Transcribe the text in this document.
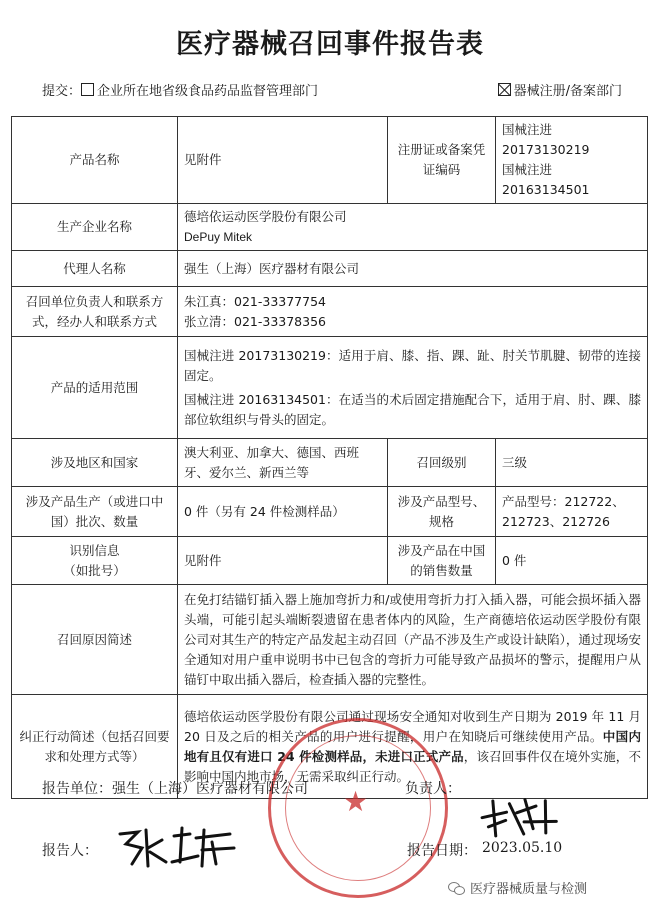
医疗器械召回事件报告表
提交： 企业所在地省级食品药品监督管理部门	器械注册/备案部门
产品名称	见附件	注册证或备案凭证编码	国械注进 20173130219
国械注进 20163134501

生产企业名称	德培依运动医学股份有限公司
DePuy Mitek		

代理人名称	强生（上海）医疗器材有限公司		
召回单位负责人和联系方式，经办人和联系方式	朱江真：021-33377754
张立清：021-33378356		

产品的适用范围	国械注进 20173130219：适用于肩、膝、指、踝、趾、肘关节肌腱、韧带的连接固定。
国械注进 20163134501：在适当的术后固定措施配合下，适用于肩、肘、踝、膝部位软组织与骨头的固定。		

涉及地区和国家	澳大利亚、加拿大、德国、西班牙、爱尔兰、新西兰等	召回级别	三级
涉及产品生产（或进口中国）批次、数量	0 件（另有 24 件检测样品）	涉及产品型号、规格	产品型号：212722、212723、212726

识别信息
（如批号）	见附件	涉及产品在中国的销售数量	0 件
召回原因简述	在免打结锚钉插入器上施加弯折力和/或使用弯折力打入插入器，可能会损坏插入器头端，可能引起头端断裂遗留在患者体内的风险，生产商德培依运动医学股份有限公司对其生产的特定产品发起主动召回（产品不涉及生产或设计缺陷），通过现场安全通知对用户重申说明书中已包含的弯折力可能导致产品损坏的警示，提醒用户从锚钉中取出插入器后，检查插入器的完整性。		
纠正行动简述（包括召回要求和处理方式等）	德培依运动医学股份有限公司通过现场安全通知对收到生产日期为 2019 年 11 月 20 日及之后的相关产品的用户进行提醒，用户在知晓后可继续使用产品。中国内地有且仅有进口 24 件检测样品，未进口正式产品，该召回事件仅在境外实施，不影响中国内地市场，无需采取纠正行动。		
★
报告单位：强生（上海）医疗器材有限公司	负责人：
报告人：	报告日期： 2023.05.10
医疗器械质量与检测
